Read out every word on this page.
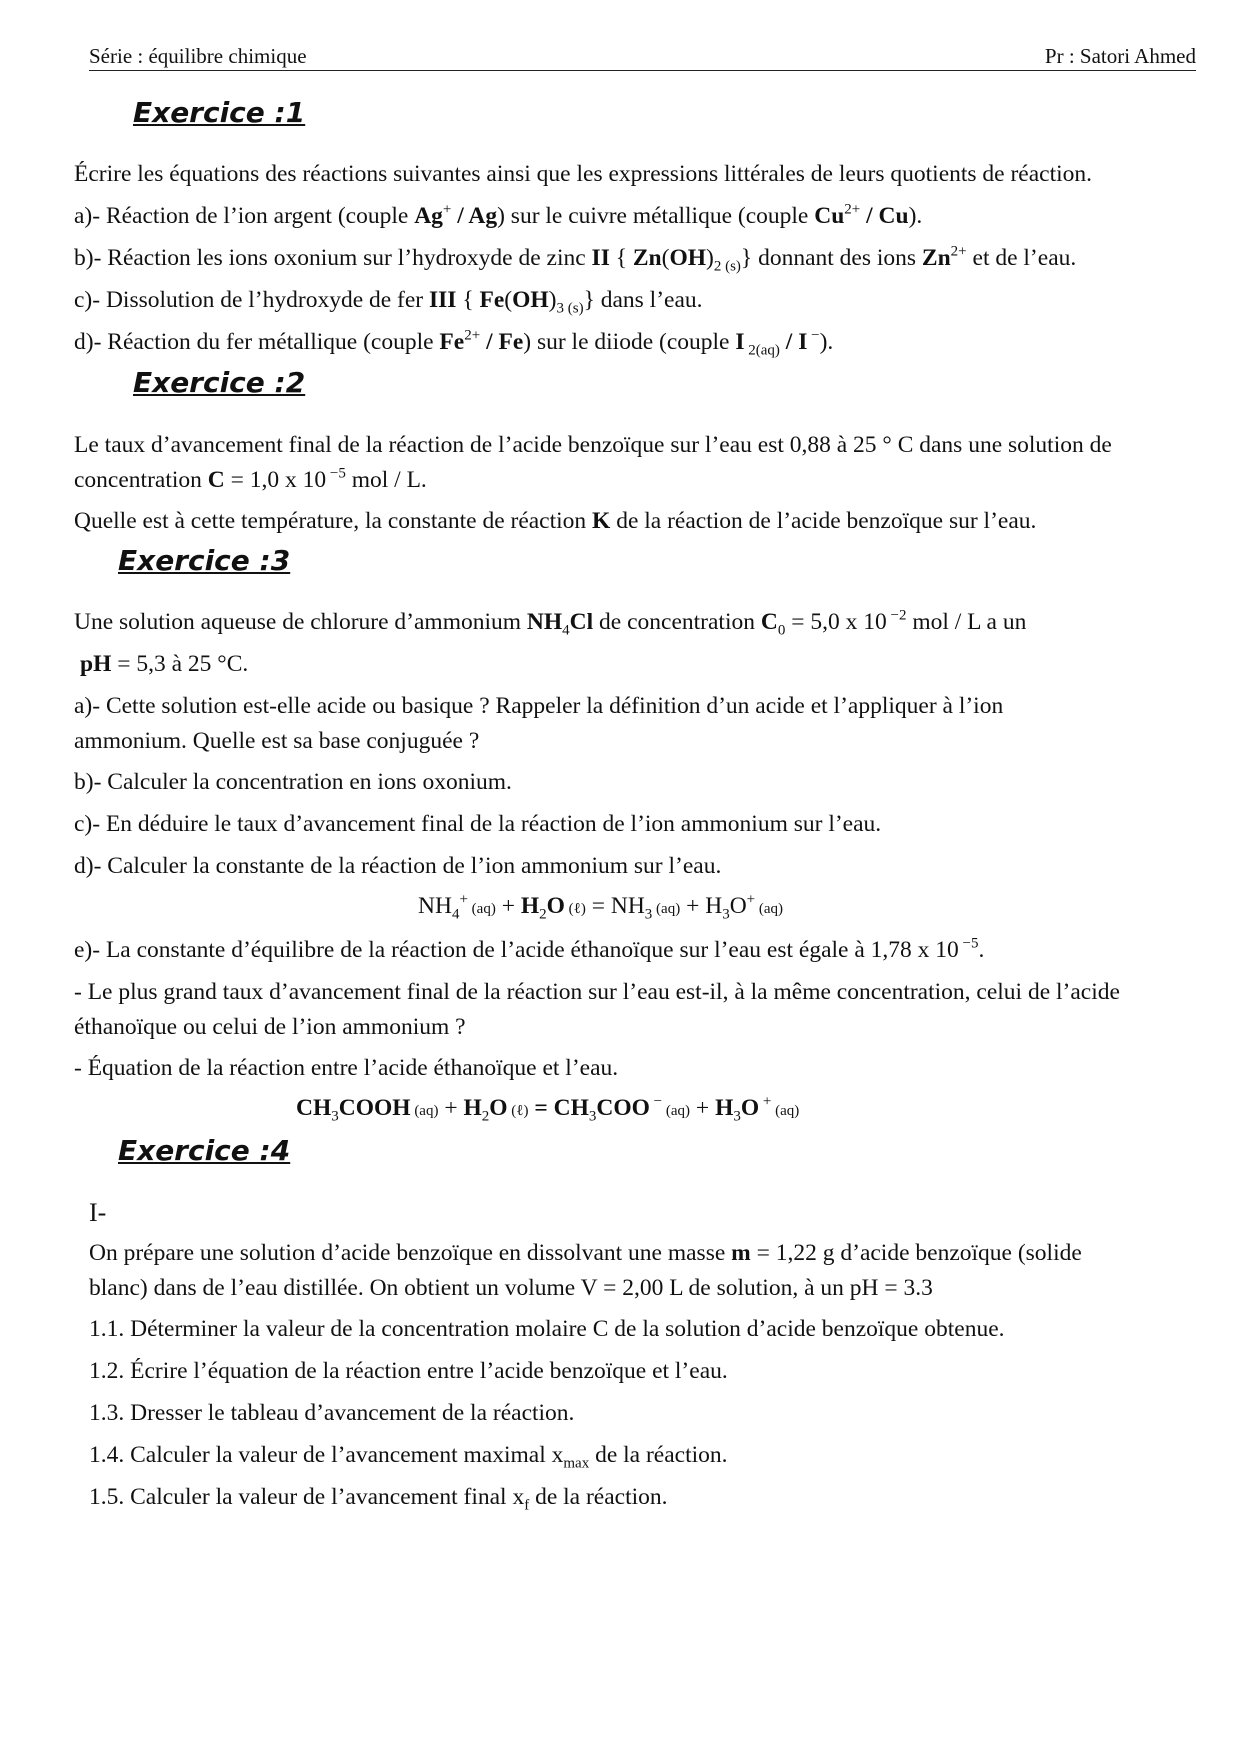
Série : équilibre chimique	Pr : Satori Ahmed
Exercice :1

Écrire les équations des réactions suivantes ainsi que les expressions littérales de leurs quotients de réaction.

a)- Réaction de l’ion argent (couple Ag+ / Ag) sur le cuivre métallique (couple $Cu^{2+} / Cu$).

b)- Réaction les ions oxonium sur l’hydroxyde de zinc II { $Zn(OH)_{2 (s)}$} donnant des ions $Zn^{2+}$ et de l’eau.

c)- Dissolution de l’hydroxyde de fer III { $Fe(OH)_{3 (s)}$} dans l’eau.

d)- Réaction du fer métallique (couple $Fe^{2+} / Fe$) sur le diiode (couple I $_{2(aq)}$ / I −).

Exercice :2

Le taux d’avancement final de la réaction de l’acide benzoïque sur l’eau est 0,88 à 25 ° C dans une solution de

concentration C = 1,0 x 10 $^{-5}$ mol / L.

Quelle est à cette température, la constante de réaction K de la réaction de l’acide benzoïque sur l’eau.

Exercice :3

Une solution aqueuse de chlorure d’ammonium $NH_4Cl$ de concentration $C_0 = 5,0$ x 10 $^{-2}$ mol / L a un

pH = 5,3 à 25 °C.

a)- Cette solution est-elle acide ou basique ? Rappeler la définition d’un acide et l’appliquer à l’ion

ammonium. Quelle est sa base conjuguée ?

b)- Calculer la concentration en ions oxonium.

c)- En déduire le taux d’avancement final de la réaction de l’ion ammonium sur l’eau.

d)- Calculer la constante de la réaction de l’ion ammonium sur l’eau.

$NH_4^+$ $(aq) + H_2O$ (ℓ) = $NH_3$ $(aq) + H_3O^+$ (aq)

e)- La constante d’équilibre de la réaction de l’acide éthanoïque sur l’eau est égale à 1,78 x 10 $^{-5}$.

- Le plus grand taux d’avancement final de la réaction sur l’eau est-il, à la même concentration, celui de l’acide

éthanoïque ou celui de l’ion ammonium ?

- Équation de la réaction entre l’acide éthanoïque et l’eau.

$CH_3COOH$ $(aq) + H_2O$ (ℓ) = $CH_3COO$ − $(aq) + H_3O$ + (aq)
Exercice :4

I-

On prépare une solution d’acide benzoïque en dissolvant une masse m = 1,22 g d’acide benzoïque (solide

blanc) dans de l’eau distillée. On obtient un volume V = 2,00 L de solution, à un pH = 3.3

1.1. Déterminer la valeur de la concentration molaire C de la solution d’acide benzoïque obtenue.

1.2. Écrire l’équation de la réaction entre l’acide benzoïque et l’eau.

1.3. Dresser le tableau d’avancement de la réaction.

1.4. Calculer la valeur de l’avancement maximal $x_{max}$ de la réaction.

1.5. Calculer la valeur de l’avancement final $x_f$ de la réaction.
